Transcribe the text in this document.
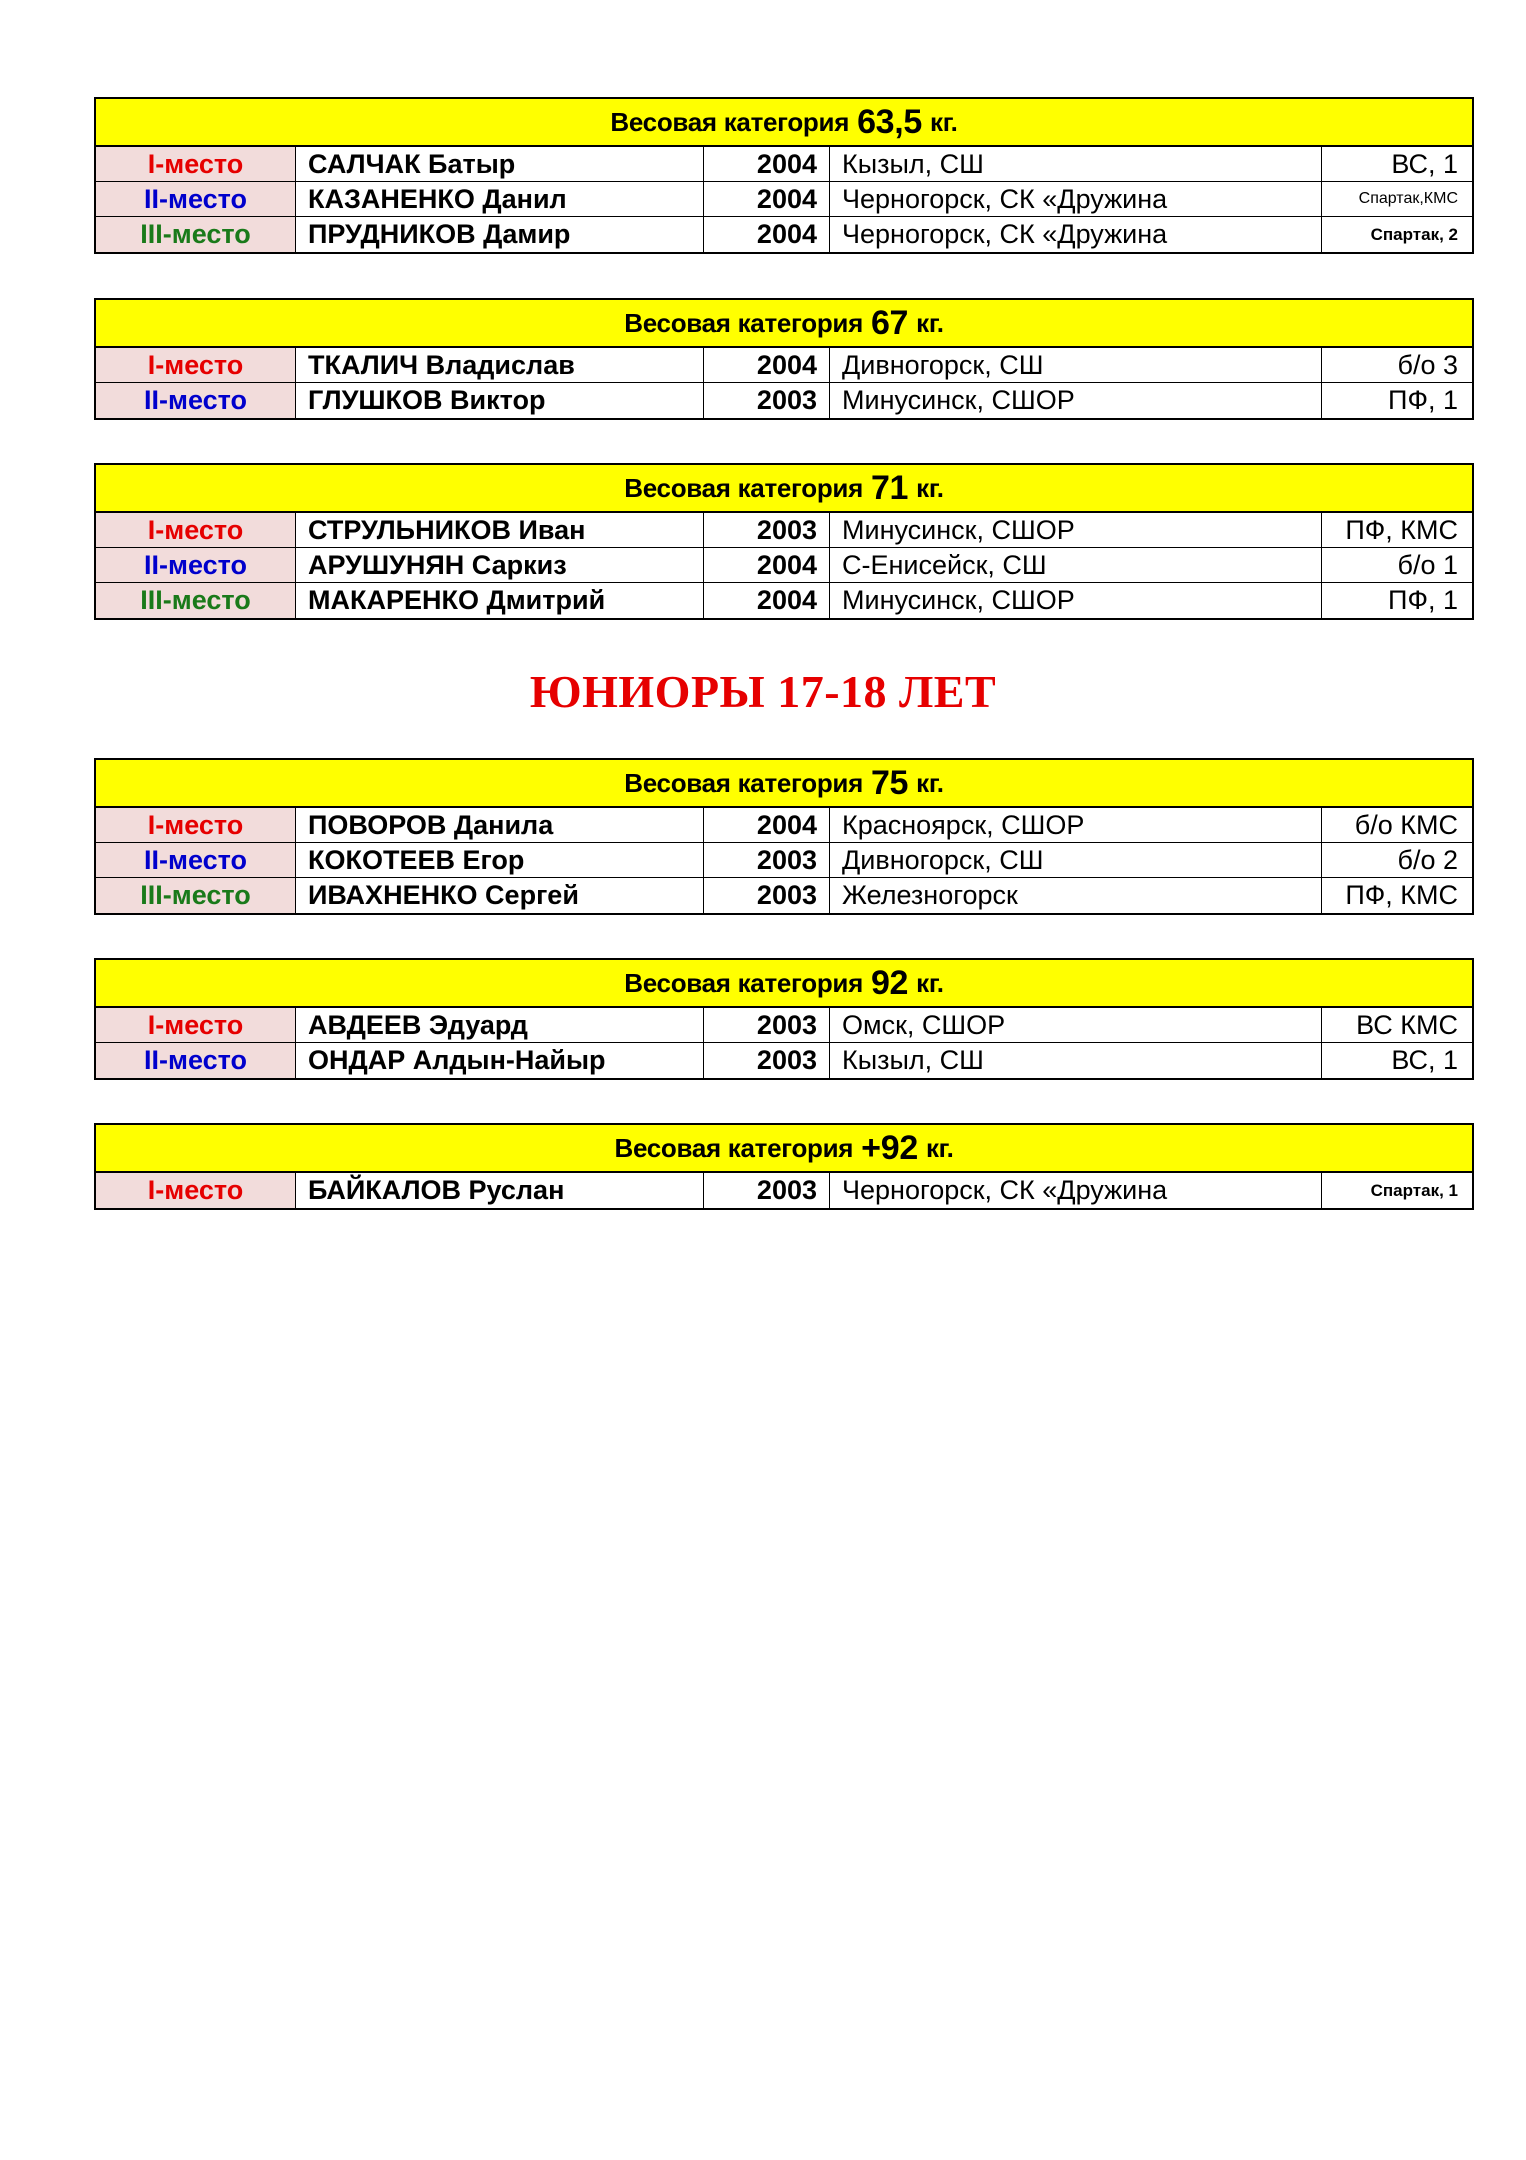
Весовая категория 63,5 кг.
I-место	САЛЧАК Батыр	2004 Кызыл, СШ	ВС, 1
II-место	КАЗАНЕНКО Данил	2004 Черногорск, СК «Дружина	Спартак,КМС
III-место	ПРУДНИКОВ Дамир	2004 Черногорск, СК «Дружина	Спартак, 2
Весовая категория 67 кг.
I-место	ТКАЛИЧ Владислав	2004 Дивногорск, СШ	б/о 3
II-место	ГЛУШКОВ Виктор	2003 Минусинск, СШОР	ПФ, 1
Весовая категория 71 кг.
I-место	СТРУЛЬНИКОВ Иван	2003 Минусинск, СШОР	ПФ, КМС
II-место	АРУШУНЯН Саркиз	2004 С-Енисейск, СШ	б/о 1
III-место	МАКАРЕНКО Дмитрий	2004 Минусинск, СШОР	ПФ, 1
ЮНИОРЫ 17-18 ЛЕТ
Весовая категория 75 кг.
I-место	ПОВОРОВ Данила	2004 Красноярск, СШОР	б/о КМС
II-место	КОКОТЕЕВ Егор	2003 Дивногорск, СШ	б/о 2
III-место	ИВАХНЕНКО Сергей	2003 Железногорск	ПФ, КМС
Весовая категория 92 кг.
I-место	АВДЕЕВ Эдуард	2003 Омск, СШОР	ВС КМС
II-место	ОНДАР Алдын-Найыр	2003 Кызыл, СШ	ВС, 1
Весовая категория +92 кг.
I-место	БАЙКАЛОВ Руслан	2003 Черногорск, СК «Дружина	Спартак, 1
